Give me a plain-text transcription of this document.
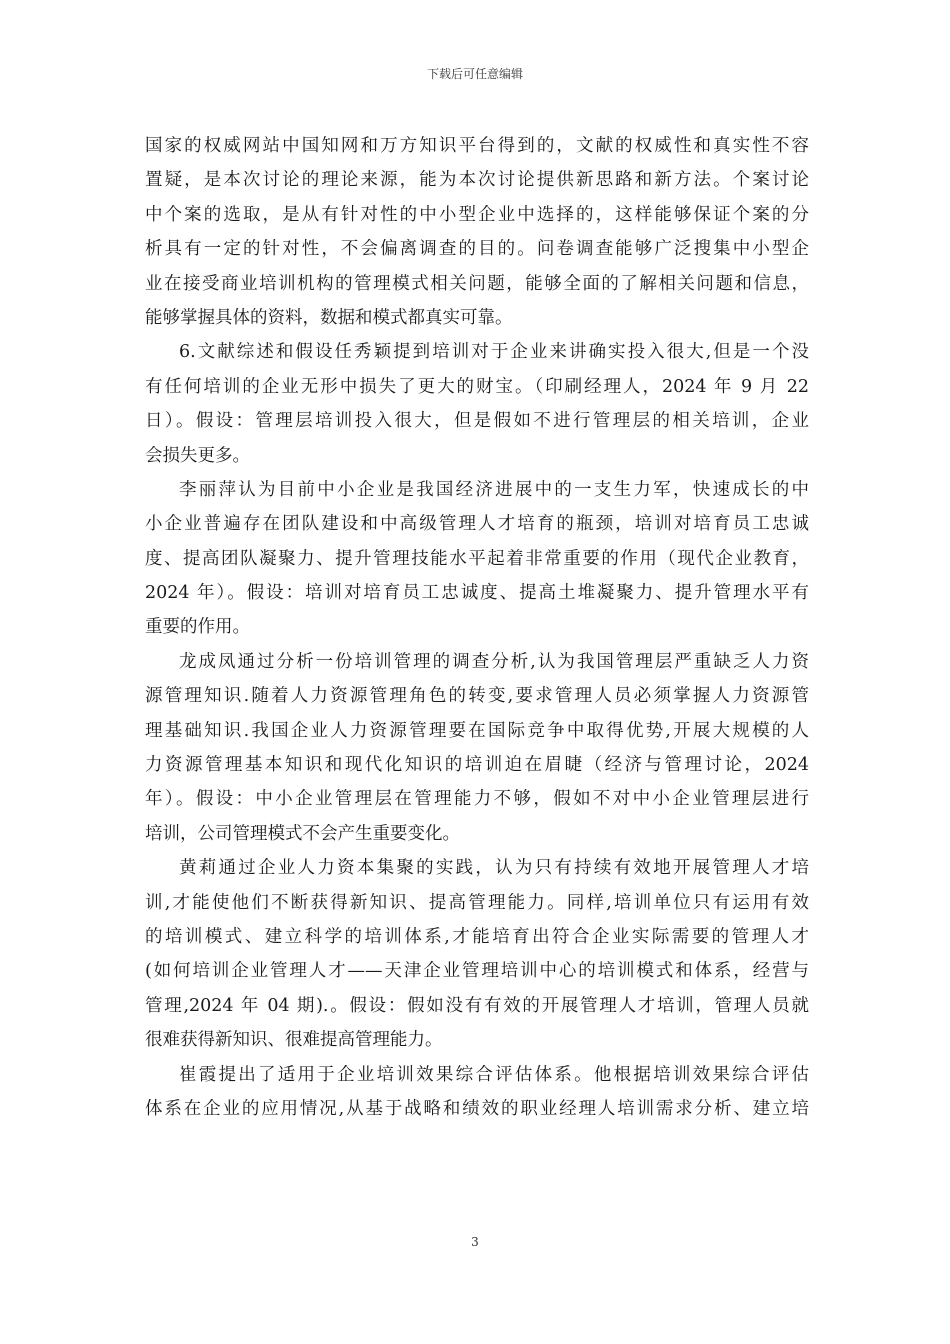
下载后可任意编辑
国家的权威网站中国知网和万方知识平台得到的，文献的权威性和真实性不容
置疑，是本次讨论的理论来源，能为本次讨论提供新思路和新方法。个案讨论
中个案的选取，是从有针对性的中小型企业中选择的，这样能够保证个案的分
析具有一定的针对性，不会偏离调查的目的。问卷调查能够广泛搜集中小型企
业在接受商业培训机构的管理模式相关问题，能够全面的了解相关问题和信息，
能够掌握具体的资料，数据和模式都真实可靠。
6.文献综述和假设任秀颖提到培训对于企业来讲确实投入很大,但是一个没
有任何培训的企业无形中损失了更大的财宝。（印刷经理人，2024 年 9 月 22
日）。假设：管理层培训投入很大，但是假如不进行管理层的相关培训，企业
会损失更多。
李丽萍认为目前中小企业是我国经济进展中的一支生力军，快速成长的中
小企业普遍存在团队建设和中高级管理人才培育的瓶颈，培训对培育员工忠诚
度、提高团队凝聚力、提升管理技能水平起着非常重要的作用（现代企业教育，
2024 年）。假设：培训对培育员工忠诚度、提高土堆凝聚力、提升管理水平有
重要的作用。
龙成凤通过分析一份培训管理的调查分析,认为我国管理层严重缺乏人力资
源管理知识.随着人力资源管理角色的转变,要求管理人员必须掌握人力资源管
理基础知识.我国企业人力资源管理要在国际竞争中取得优势,开展大规模的人
力资源管理基本知识和现代化知识的培训迫在眉睫（经济与管理讨论，2024
年）。假设：中小企业管理层在管理能力不够，假如不对中小企业管理层进行
培训，公司管理模式不会产生重要变化。
黄莉通过企业人力资本集聚的实践，认为只有持续有效地开展管理人才培
训,才能使他们不断获得新知识、提高管理能力。同样,培训单位只有运用有效
的培训模式、建立科学的培训体系,才能培育出符合企业实际需要的管理人才
(如何培训企业管理人才——天津企业管理培训中心的培训模式和体系，经营与
管理,2024 年 04 期).。假设：假如没有有效的开展管理人才培训，管理人员就
很难获得新知识、很难提高管理能力。
崔霞提出了适用于企业培训效果综合评估体系。他根据培训效果综合评估
体系在企业的应用情况,从基于战略和绩效的职业经理人培训需求分析、建立培
3
